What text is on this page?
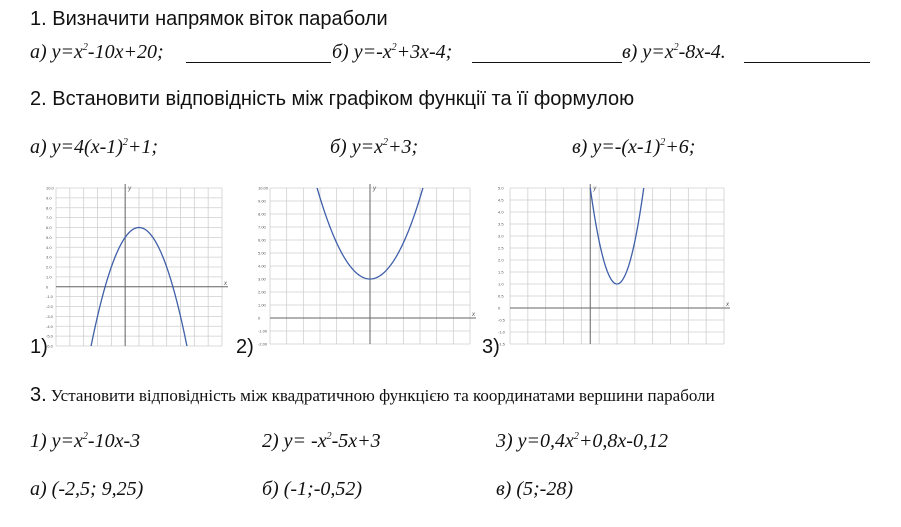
1. Визначити напрямок віток параболи
а) $y=x^2-10x+20$;	б) $y=-x^2+3x-4$;	в) $y=x^2-8x-4$.
2. Встановити відповідність між графіком функції та її формулою
а) $y=4(x-1)^2+1$;	б) $y=x^2+3$;	в) $y=-(x-1)^2+6$;
10.0
9.0
8.0
7.0
6.0
5.0
4.0
3.0
2.0
1.0
0
-1.0
-2.0
-3.0
-4.0
-5.0
-6.0
x
y	10.00
9.00
8.00
7.00
6.00
5.00
4.00
3.00
2.00
1.00
0
-1.00
-2.00
x
y	5.0
4.5
4.0
3.5
3.0
2.5
2.0
1.5
1.0
0.5
0
-0.5
-1.0
-1.5
x
y
1)	2)	3)
3. Установити відповідність між квадратичною функцією та координатами вершини параболи
1) $y=x^2-10x-3$	2) $y= -x^2-5x+3$	3) $y=0,4x^2+0,8x-0,12$
а) (-2,5; 9,25)	б) (-1;-0,52)	в) (5;-28)
